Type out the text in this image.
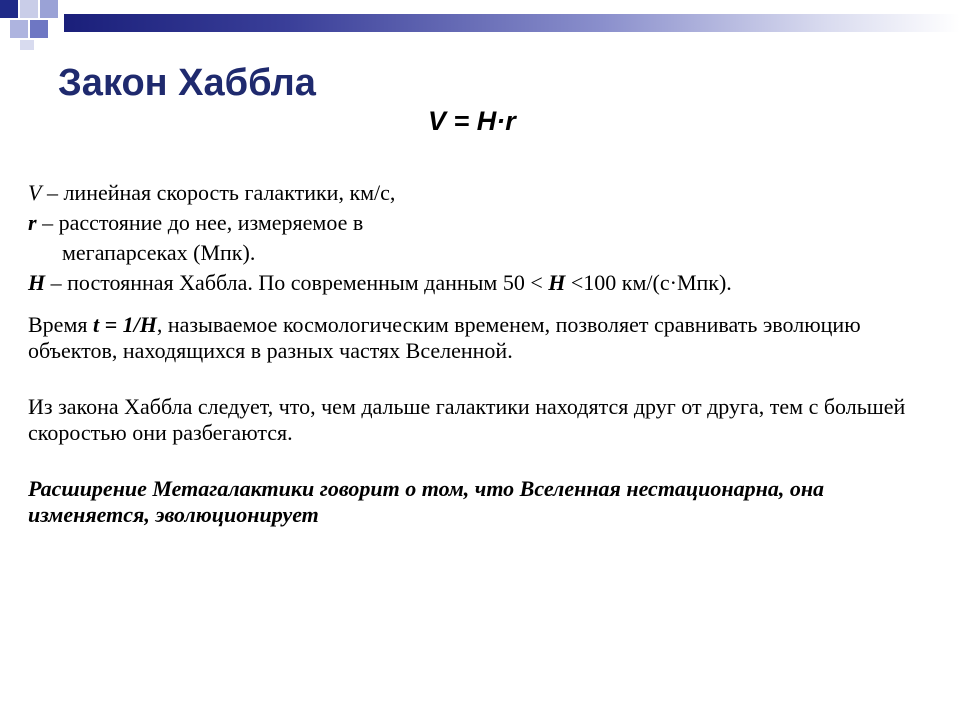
Закон Хаббла
V = H·r

V – линейная скорость галактики, км/с,

r – расстояние до нее, измеряемое в

мегапарсеках (Мпк).

H – постоянная Хаббла. По современным данным 50 < H <100 км/(с·Мпк).

Время t = 1/H, называемое космологическим временем, позволяет сравнивать эволюцию объектов, находящихся в разных частях Вселенной.

Из закона Хаббла следует, что, чем дальше галактики находятся друг от друга, тем с большей скоростью они разбегаются.

Расширение Метагалактики говорит о том, что Вселенная нестационарна, она изменяется, эволюционирует
